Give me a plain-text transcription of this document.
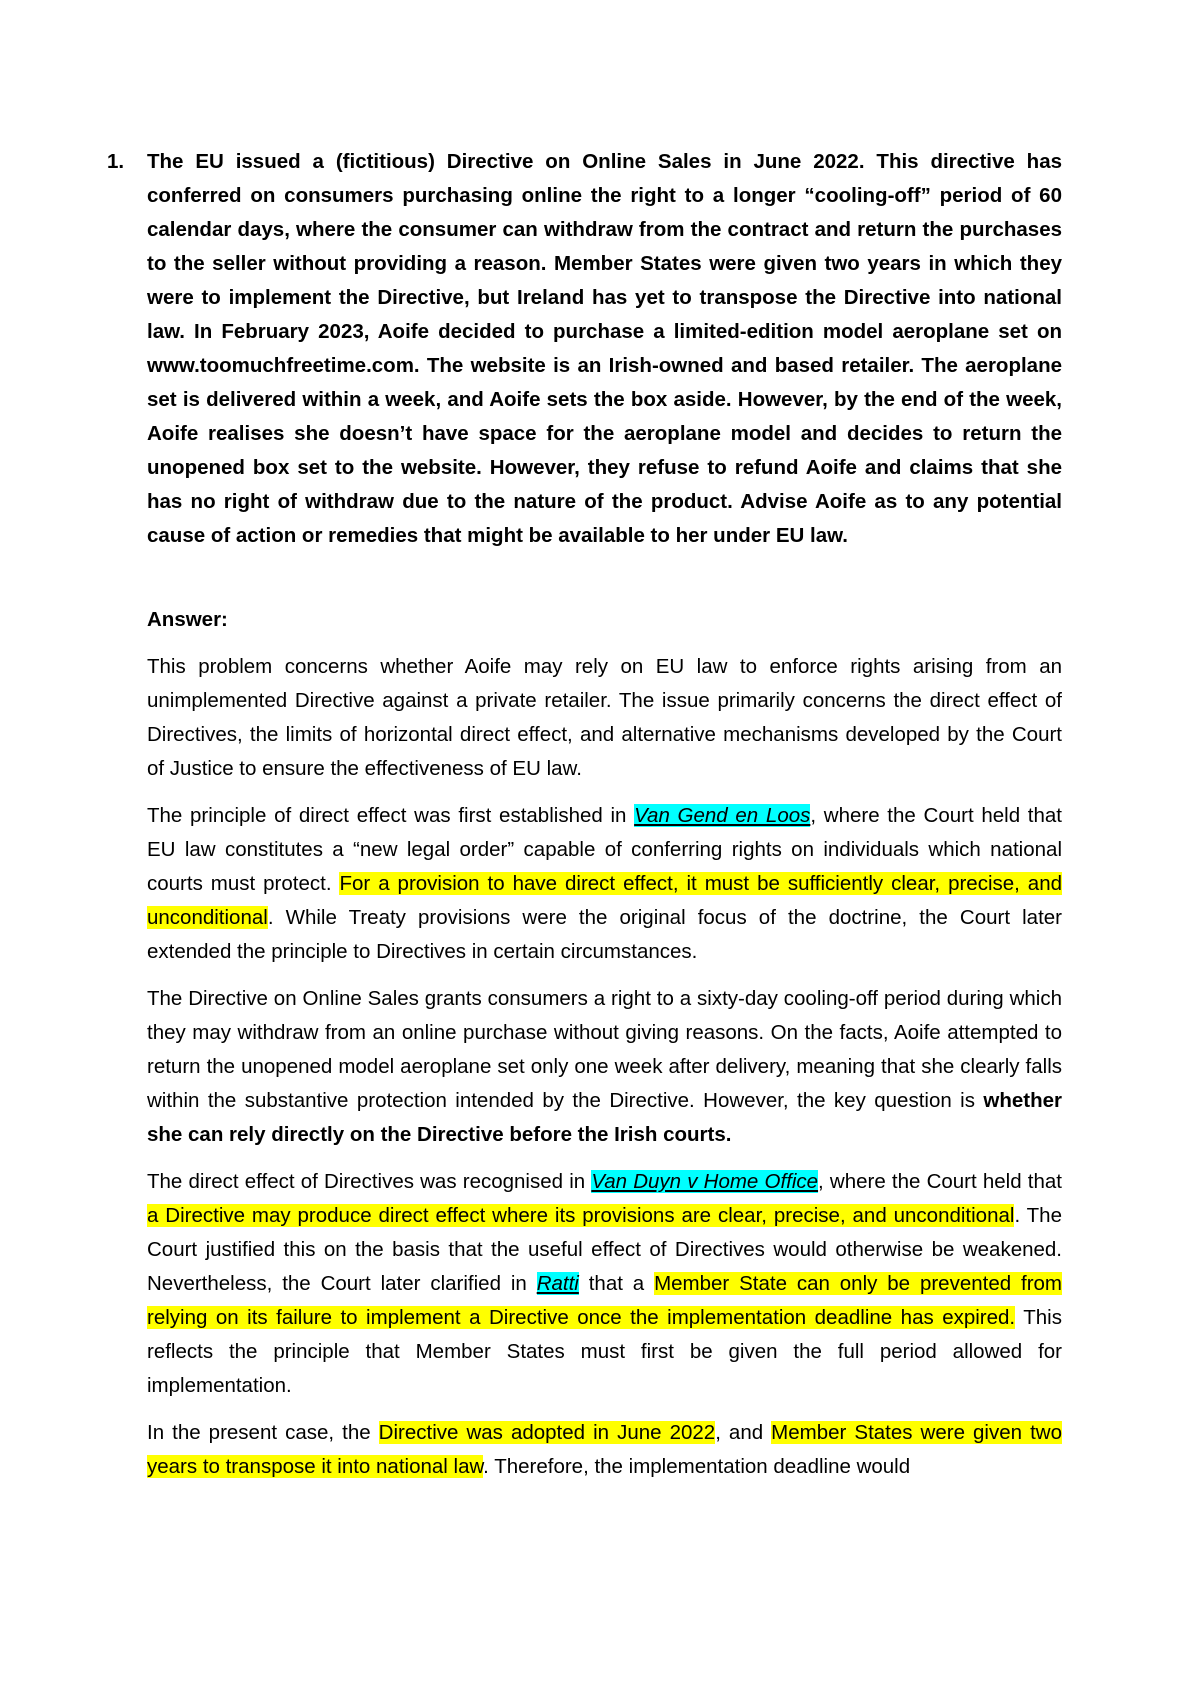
1. The EU issued a (fictitious) Directive on Online Sales in June 2022. This directive has conferred on consumers purchasing online the right to a longer “cooling-off” period of 60 calendar days, where the consumer can withdraw from the contract and return the purchases to the seller without providing a reason. Member States were given two years in which they were to implement the Directive, but Ireland has yet to transpose the Directive into national law. In February 2023, Aoife decided to purchase a limited-edition model aeroplane set on www.toomuchfreetime.com. The website is an Irish-owned and based retailer. The aeroplane set is delivered within a week, and Aoife sets the box aside. However, by the end of the week, Aoife realises she doesn’t have space for the aeroplane model and decides to return the unopened box set to the website. However, they refuse to refund Aoife and claims that she has no right of withdraw due to the nature of the product. Advise Aoife as to any potential cause of action or remedies that might be available to her under EU law.
Answer:

This problem concerns whether Aoife may rely on EU law to enforce rights arising from an unimplemented Directive against a private retailer. The issue primarily concerns the direct effect of Directives, the limits of horizontal direct effect, and alternative mechanisms developed by the Court of Justice to ensure the effectiveness of EU law.

The principle of direct effect was first established in Van Gend en Loos, where the Court held that EU law constitutes a “new legal order” capable of conferring rights on individuals which national courts must protect. For a provision to have direct effect, it must be sufficiently clear, precise, and unconditional. While Treaty provisions were the original focus of the doctrine, the Court later extended the principle to Directives in certain circumstances.

The Directive on Online Sales grants consumers a right to a sixty-day cooling-off period during which they may withdraw from an online purchase without giving reasons. On the facts, Aoife attempted to return the unopened model aeroplane set only one week after delivery, meaning that she clearly falls within the substantive protection intended by the Directive. However, the key question is whether she can rely directly on the Directive before the Irish courts.

The direct effect of Directives was recognised in Van Duyn v Home Office, where the Court held that a Directive may produce direct effect where its provisions are clear, precise, and unconditional. The Court justified this on the basis that the useful effect of Directives would otherwise be weakened. Nevertheless, the Court later clarified in Ratti that a Member State can only be prevented from relying on its failure to implement a Directive once the implementation deadline has expired. This reflects the principle that Member States must first be given the full period allowed for implementation.

In the present case, the Directive was adopted in June 2022, and Member States were given two years to transpose it into national law. Therefore, the implementation deadline would
